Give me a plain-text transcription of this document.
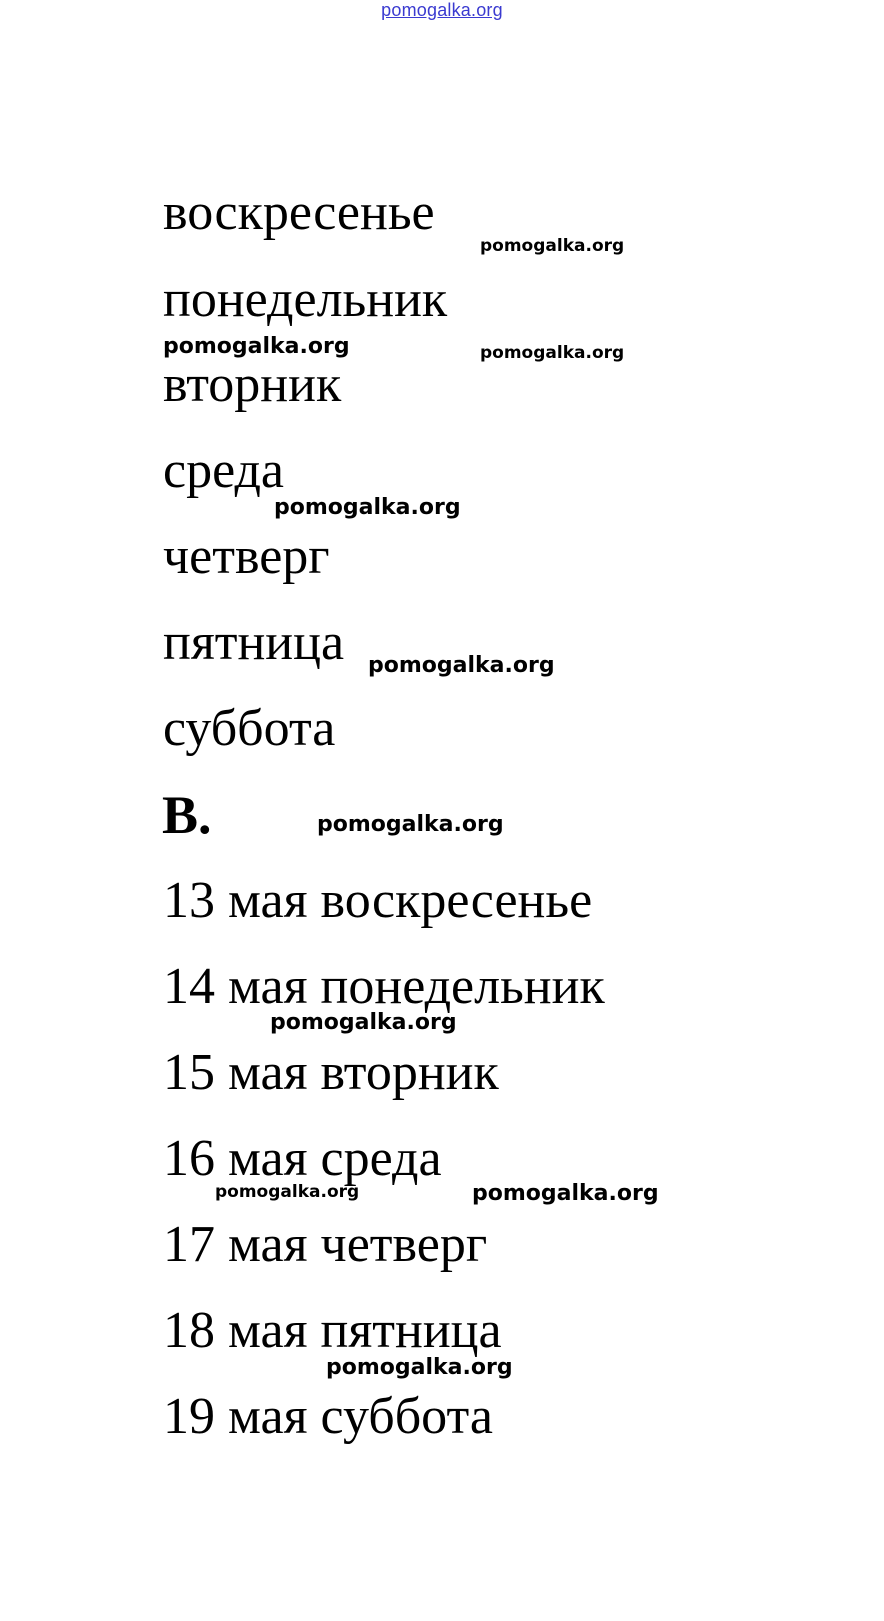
pomogalka.org
воскресенье
понедельник
вторник
среда
четверг
пятница
суббота
В.
13 мая воскресенье
14 мая понедельник
15 мая вторник
16 мая среда
17 мая четверг
18 мая пятница
19 мая суббота
pomogalka.org
pomogalka.org	pomogalka.org
pomogalka.org
pomogalka.org
pomogalka.org
pomogalka.org
pomogalka.org	pomogalka.org
pomogalka.org
